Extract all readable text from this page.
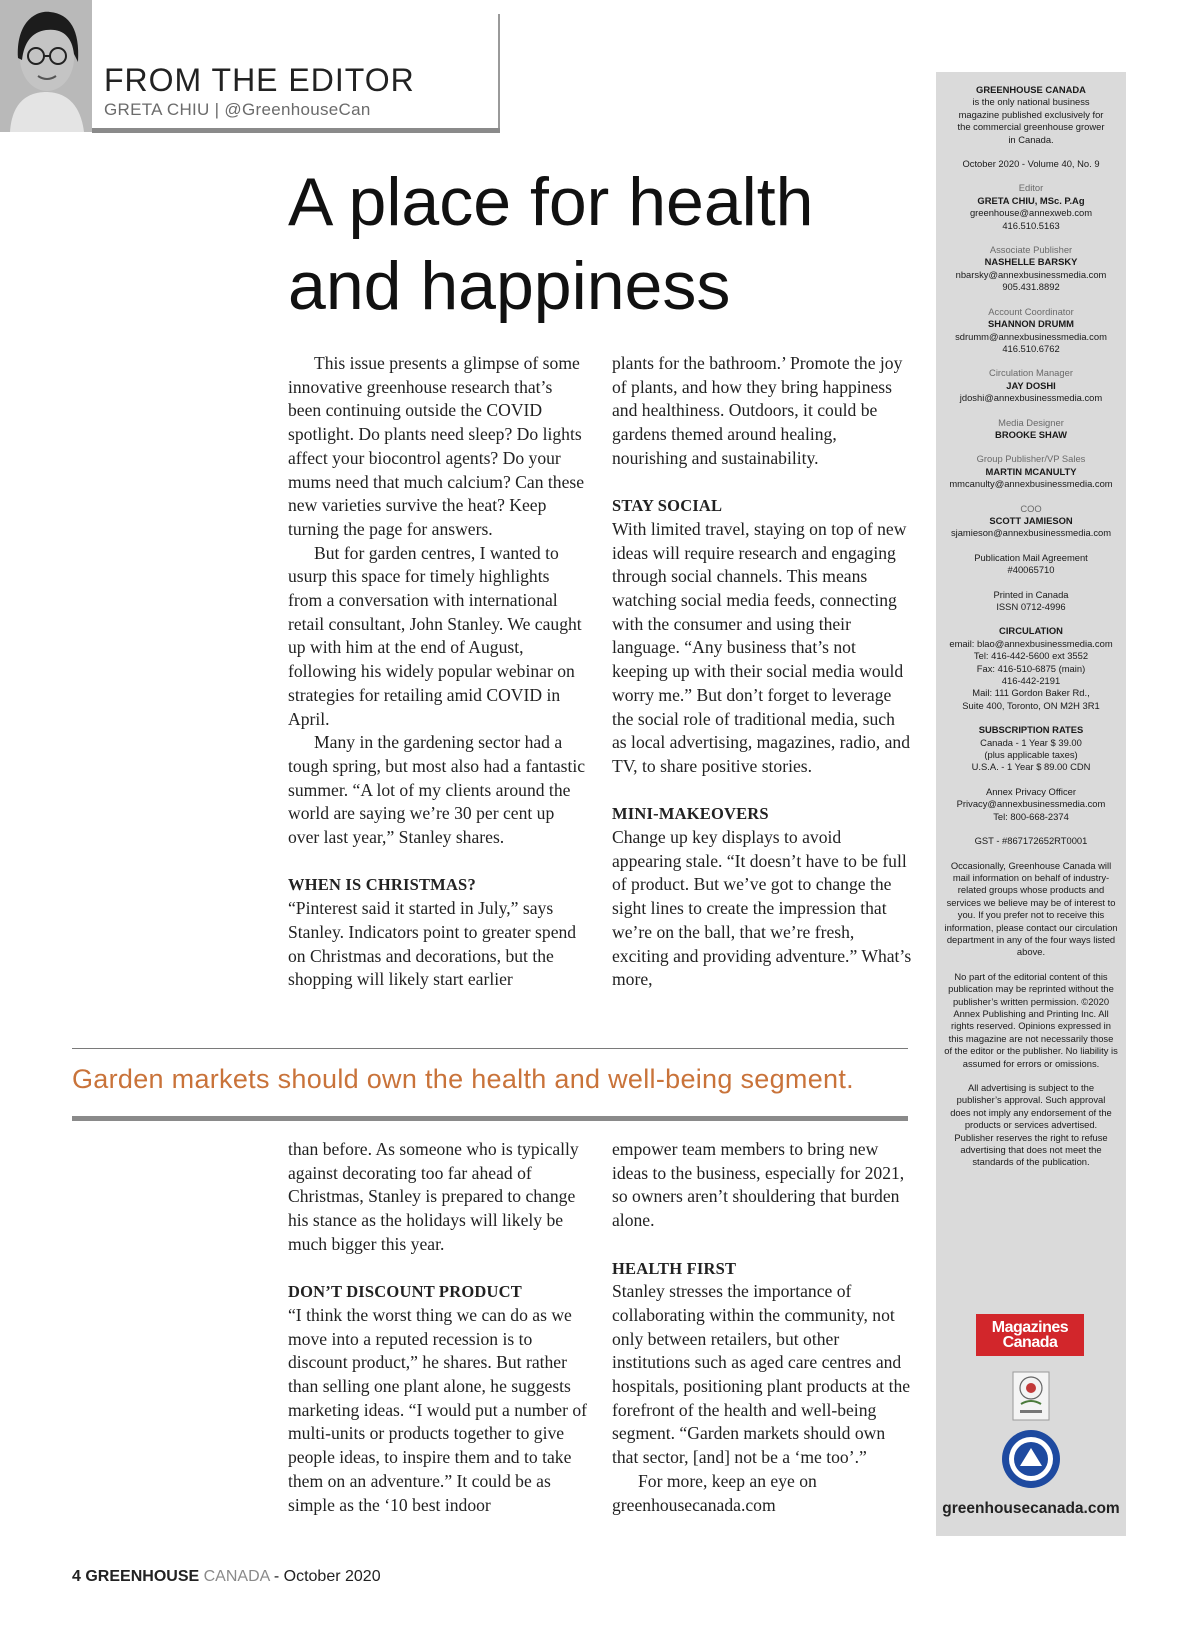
FROM THE EDITOR
GRETA CHIU | @GreenhouseCan
A place for health
and happiness

This issue presents a glimpse of some innovative greenhouse research that’s been continuing outside the COVID spotlight. Do plants need sleep? Do lights affect your biocontrol agents? Do your mums need that much calcium? Can these new varieties survive the heat? Keep turning the page for answers.

But for garden centres, I wanted to usurp this space for timely highlights from a conversation with international retail consultant, John Stanley. We caught up with him at the end of August, following his widely popular webinar on strategies for retailing amid COVID in April.

Many in the gardening sector had a tough spring, but most also had a fantastic summer. “A lot of my clients around the world are saying we’re 30 per cent up over last year,” Stanley shares.

WHEN IS CHRISTMAS?

“Pinterest said it started in July,” says Stanley. Indicators point to greater spend on Christmas and decorations, but the shopping will likely start earlier

plants for the bathroom.’ Promote the joy of plants, and how they bring happiness and healthiness. Outdoors, it could be gardens themed around healing, nourishing and sustainability.

STAY SOCIAL

With limited travel, staying on top of new ideas will require research and engaging through social channels. This means watching social media feeds, connecting with the consumer and using their language. “Any business that’s not keeping up with their social media would worry me.” But don’t forget to leverage the social role of traditional media, such as local advertising, magazines, radio, and TV, to share positive stories.

MINI-MAKEOVERS

Change up key displays to avoid appearing stale. “It doesn’t have to be full of product. But we’ve got to change the sight lines to create the impression that we’re on the ball, that we’re fresh, exciting and providing adventure.” What’s more,

Garden markets should own the health and well-being segment.

than before. As someone who is typically against decorating too far ahead of Christmas, Stanley is prepared to change his stance as the holidays will likely be much bigger this year.

DON’T DISCOUNT PRODUCT

“I think the worst thing we can do as we move into a reputed recession is to discount product,” he shares. But rather than selling one plant alone, he suggests marketing ideas. “I would put a number of multi-units or products together to give people ideas, to inspire them and to take them on an adventure.” It could be as simple as the ‘10 best indoor

empower team members to bring new ideas to the business, especially for 2021, so owners aren’t shouldering that burden alone.

HEALTH FIRST

Stanley stresses the importance of collaborating within the community, not only between retailers, but other institutions such as aged care centres and hospitals, positioning plant products at the forefront of the health and well-being segment. “Garden markets should own that sector, [and] not be a ‘me too’.”

For more, keep an eye on greenhousecanada.com

GREENHOUSE CANADA
is the only national business magazine published exclusively for the commercial greenhouse grower in Canada.
October 2020 - Volume 40, No. 9
Editor
GRETA CHIU, MSc. P.Ag
greenhouse@annexweb.com
416.510.5163
Associate Publisher
NASHELLE BARSKY
nbarsky@annexbusinessmedia.com
905.431.8892
Account Coordinator
SHANNON DRUMM
sdrumm@annexbusinessmedia.com
416.510.6762
Circulation Manager
JAY DOSHI
jdoshi@annexbusinessmedia.com
Media Designer
BROOKE SHAW
Group Publisher/VP Sales
MARTIN MCANULTY
mmcanulty@annexbusinessmedia.com
COO
SCOTT JAMIESON
sjamieson@annexbusinessmedia.com
Publication Mail Agreement
#40065710
Printed in Canada
ISSN 0712-4996
CIRCULATION
email: blao@annexbusinessmedia.com
Tel: 416-442-5600 ext 3552
Fax: 416-510-6875 (main)
416-442-2191
Mail: 111 Gordon Baker Rd.,
Suite 400, Toronto, ON M2H 3R1
SUBSCRIPTION RATES
Canada - 1 Year $ 39.00
(plus applicable taxes)
U.S.A. - 1 Year $ 89.00 CDN
Annex Privacy Officer
Privacy@annexbusinessmedia.com
Tel: 800-668-2374
GST - #867172652RT0001
Occasionally, Greenhouse Canada will mail information on behalf of industry-related groups whose products and services we believe may be of interest to you. If you prefer not to receive this information, please contact our circulation department in any of the four ways listed above.
No part of the editorial content of this publication may be reprinted without the publisher’s written permission. ©2020 Annex Publishing and Printing Inc. All rights reserved. Opinions expressed in this magazine are not necessarily those of the editor or the publisher. No liability is assumed for errors or omissions.
All advertising is subject to the publisher’s approval. Such approval does not imply any endorsement of the products or services advertised. Publisher reserves the right to refuse advertising that does not meet the standards of the publication.
Magazines
Canada
greenhousecanada.com
4 GREENHOUSE CANADA - October 2020
